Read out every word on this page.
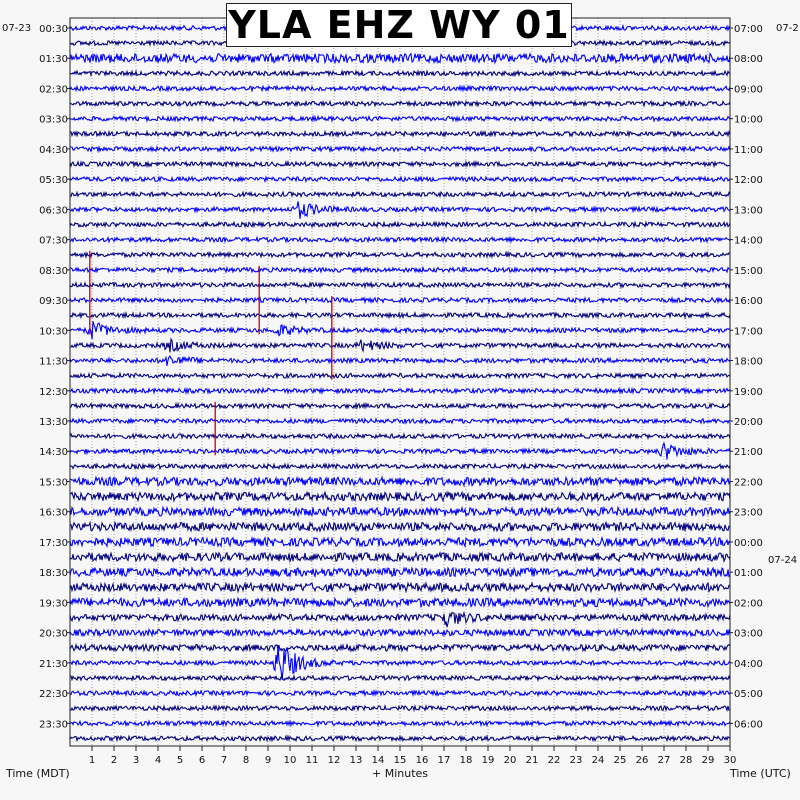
1 2 3 4 5 6 7 8 9 10 11 12 13 14 15 16 17 18 19 20 21 22 23 24 25 26 27 28 29 30
00:30
01:30
02:30
03:30
04:30
05:30
06:30
07:30
08:30
09:30
10:30
11:30
12:30
13:30
14:30
15:30
16:30
17:30
18:30
19:30
20:30
21:30
22:30
23:30
07:00
08:00
09:00
10:00
11:00
12:00
13:00
14:00
15:00
16:00
17:00
18:00
19:00
20:00
21:00
22:00
23:00
00:00
01:00
02:00
03:00
04:00
05:00
06:00
07-23	07-2
07-24
Time (MDT)	+ Minutes	Time (UTC)
YLA EHZ WY 01
